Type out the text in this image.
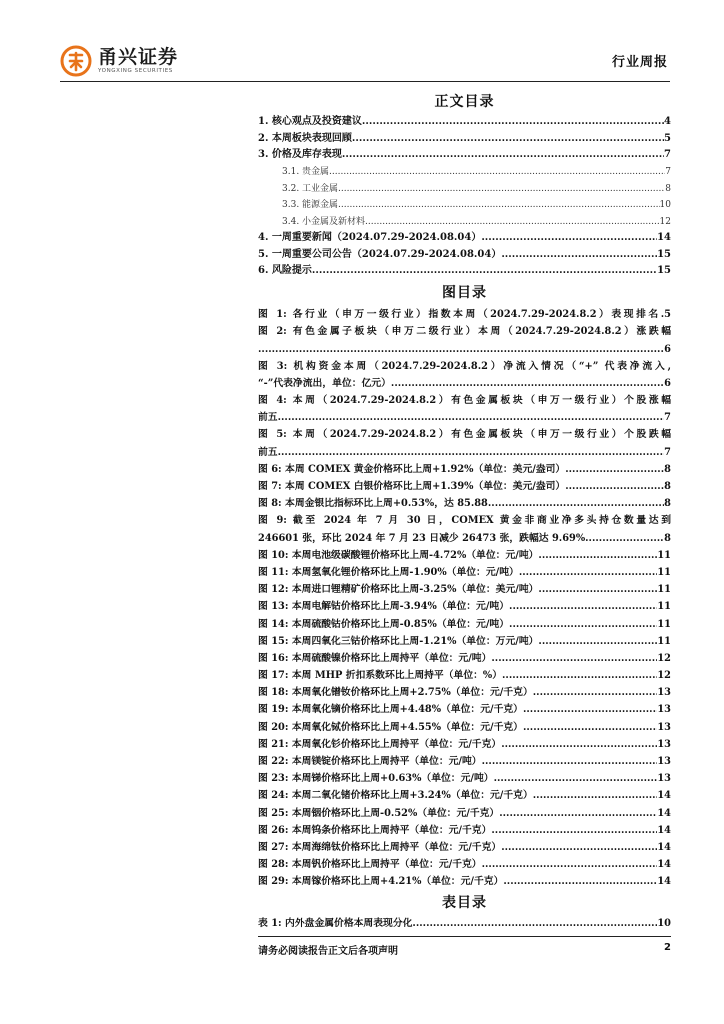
甬兴证券
YONGXING SECURITIES
行业周报
正文目录
1. 核心观点及投资建议 .....	4
2. 本周板块表现回顾 .....	5
3. 价格及库存表现 .....	7
3.1. 贵金属 .....	7
3.2. 工业金属 .....	8
3.3. 能源金属 .....	10
3.4. 小金属及新材料 .....	12
4. 一周重要新闻（2024.07.29-2024.08.04） .....	14
5. 一周重要公司公告（2024.07.29-2024.08.04） .....	15
6. 风险提示 .....	15
图目录
图 1: 各行业（申万一级行业）指数本周（2024.7.29-2024.8.2）表现排名.5
图 2: 有色金属子板块（申万二级行业）本周（2024.7.29-2024.8.2）涨跌幅
.....
6
图 3: 机构资金本周（2024.7.29-2024.8.2）净流入情况（“+” 代表净流入,
“-”代表净流出，单位：亿元） .....	6
图 4: 本周（2024.7.29-2024.8.2）有色金属板块（申万一级行业）个股涨幅
前五 .....	7
图 5: 本周（2024.7.29-2024.8.2）有色金属板块（申万一级行业）个股跌幅
前五 .....	7
图 6: 本周 COMEX 黄金价格环比上周+1.92%（单位：美元/盎司） .....	8
图 7: 本周 COMEX 白银价格环比上周+1.39%（单位：美元/盎司） .....	8
图 8: 本周金银比指标环比上周+0.53%，达 85.88 .....	8
图 9: 截至 2024 年 7 月 30 日，COMEX 黄金非商业净多头持仓数量达到
246601 张，环比 2024 年 7 月 23 日减少 26473 张，跌幅达 9.69% .....	8
图 10: 本周电池级碳酸锂价格环比上周-4.72%（单位：元/吨） .....	11
图 11: 本周氢氧化锂价格环比上周-1.90%（单位：元/吨） .....	11
图 12: 本周进口锂精矿价格环比上周-3.25%（单位：美元/吨） .....	11
图 13: 本周电解钴价格环比上周-3.94%（单位：元/吨） .....	11
图 14: 本周硫酸钴价格环比上周-0.85%（单位：元/吨） .....	11
图 15: 本周四氧化三钴价格环比上周-1.21%（单位：万元/吨） .....	11
图 16: 本周硫酸镍价格环比上周持平（单位：元/吨） .....	12
图 17: 本周 MHP 折扣系数环比上周持平（单位：%） .....	12
图 18: 本周氧化镨钕价格环比上周+2.75%（单位：元/千克） .....	13
图 19: 本周氧化镝价格环比上周+4.48%（单位：元/千克） .....	13
图 20: 本周氧化铽价格环比上周+4.55%（单位：元/千克） .....	13
图 21: 本周氧化钐价格环比上周持平（单位：元/千克） .....	13
图 22: 本周镁锭价格环比上周持平（单位：元/吨） .....	13
图 23: 本周锑价格环比上周+0.63%（单位：元/吨） .....	13
图 24: 本周二氧化锗价格环比上周+3.24%（单位：元/千克） .....	14
图 25: 本周铟价格环比上周-0.52%（单位：元/千克） .....	14
图 26: 本周钨条价格环比上周持平（单位：元/千克） .....	14
图 27: 本周海绵钛价格环比上周持平（单位：元/千克） .....	14
图 28: 本周钒价格环比上周持平（单位：元/千克） .....	14
图 29: 本周镓价格环比上周+4.21%（单位：元/千克） .....	14
表目录
表 1: 内外盘金属价格本周表现分化 .....	10
请务必阅读报告正文后各项声明	2
